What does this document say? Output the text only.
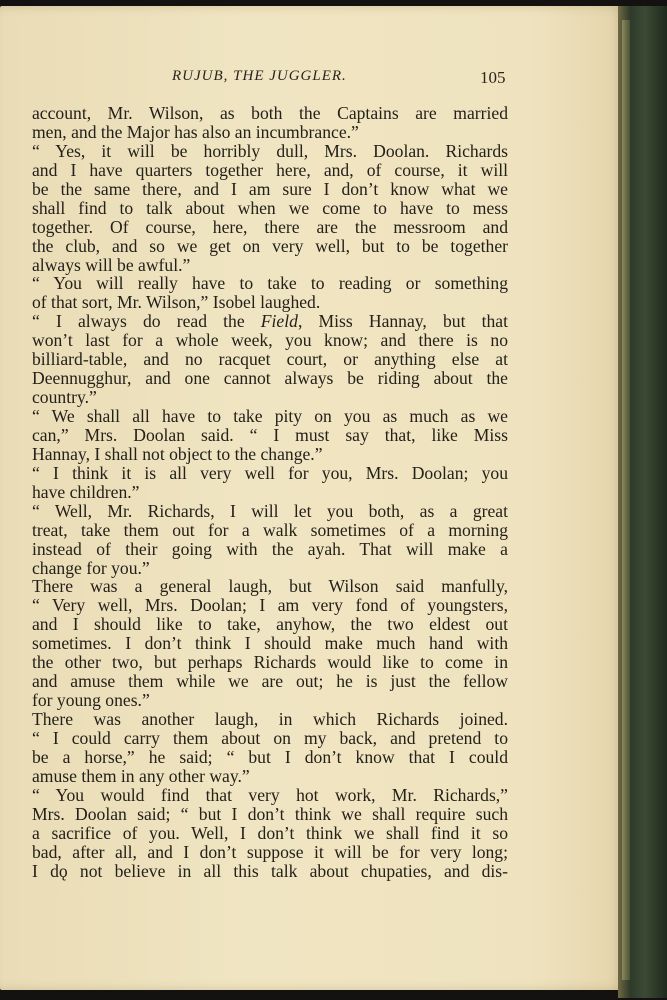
RUJUB, THE JUGGLER.	105
account, Mr. Wilson, as both the Captains are married
men, and the Major has also an incumbrance.”
“ Yes, it will be horribly dull, Mrs. Doolan. Richards
and I have quarters together here, and, of course, it will
be the same there, and I am sure I don’t know what we
shall find to talk about when we come to have to mess
together. Of course, here, there are the messroom and
the club, and so we get on very well, but to be together
always will be awful.”
“ You will really have to take to reading or something
of that sort, Mr. Wilson,” Isobel laughed.
“ I always do read the Field, Miss Hannay, but that
won’t last for a whole week, you know; and there is no
billiard-table, and no racquet court, or anything else at
Deennugghur, and one cannot always be riding about the
country.”
“ We shall all have to take pity on you as much as we
can,” Mrs. Doolan said. “ I must say that, like Miss
Hannay, I shall not object to the change.”
“ I think it is all very well for you, Mrs. Doolan; you
have children.”
“ Well, Mr. Richards, I will let you both, as a great
treat, take them out for a walk sometimes of a morning
instead of their going with the ayah. That will make a
change for you.”
There was a general laugh, but Wilson said manfully,
“ Very well, Mrs. Doolan; I am very fond of youngsters,
and I should like to take, anyhow, the two eldest out
sometimes. I don’t think I should make much hand with
the other two, but perhaps Richards would like to come in
and amuse them while we are out; he is just the fellow
for young ones.”
There was another laugh, in which Richards joined.
“ I could carry them about on my back, and pretend to
be a horse,” he said; “ but I don’t know that I could
amuse them in any other way.”
“ You would find that very hot work, Mr. Richards,”
Mrs. Doolan said; “ but I don’t think we shall require such
a sacrifice of you. Well, I don’t think we shall find it so
bad, after all, and I don’t suppose it will be for very long;
I dǫ not believe in all this talk about chupaties, and dis-
